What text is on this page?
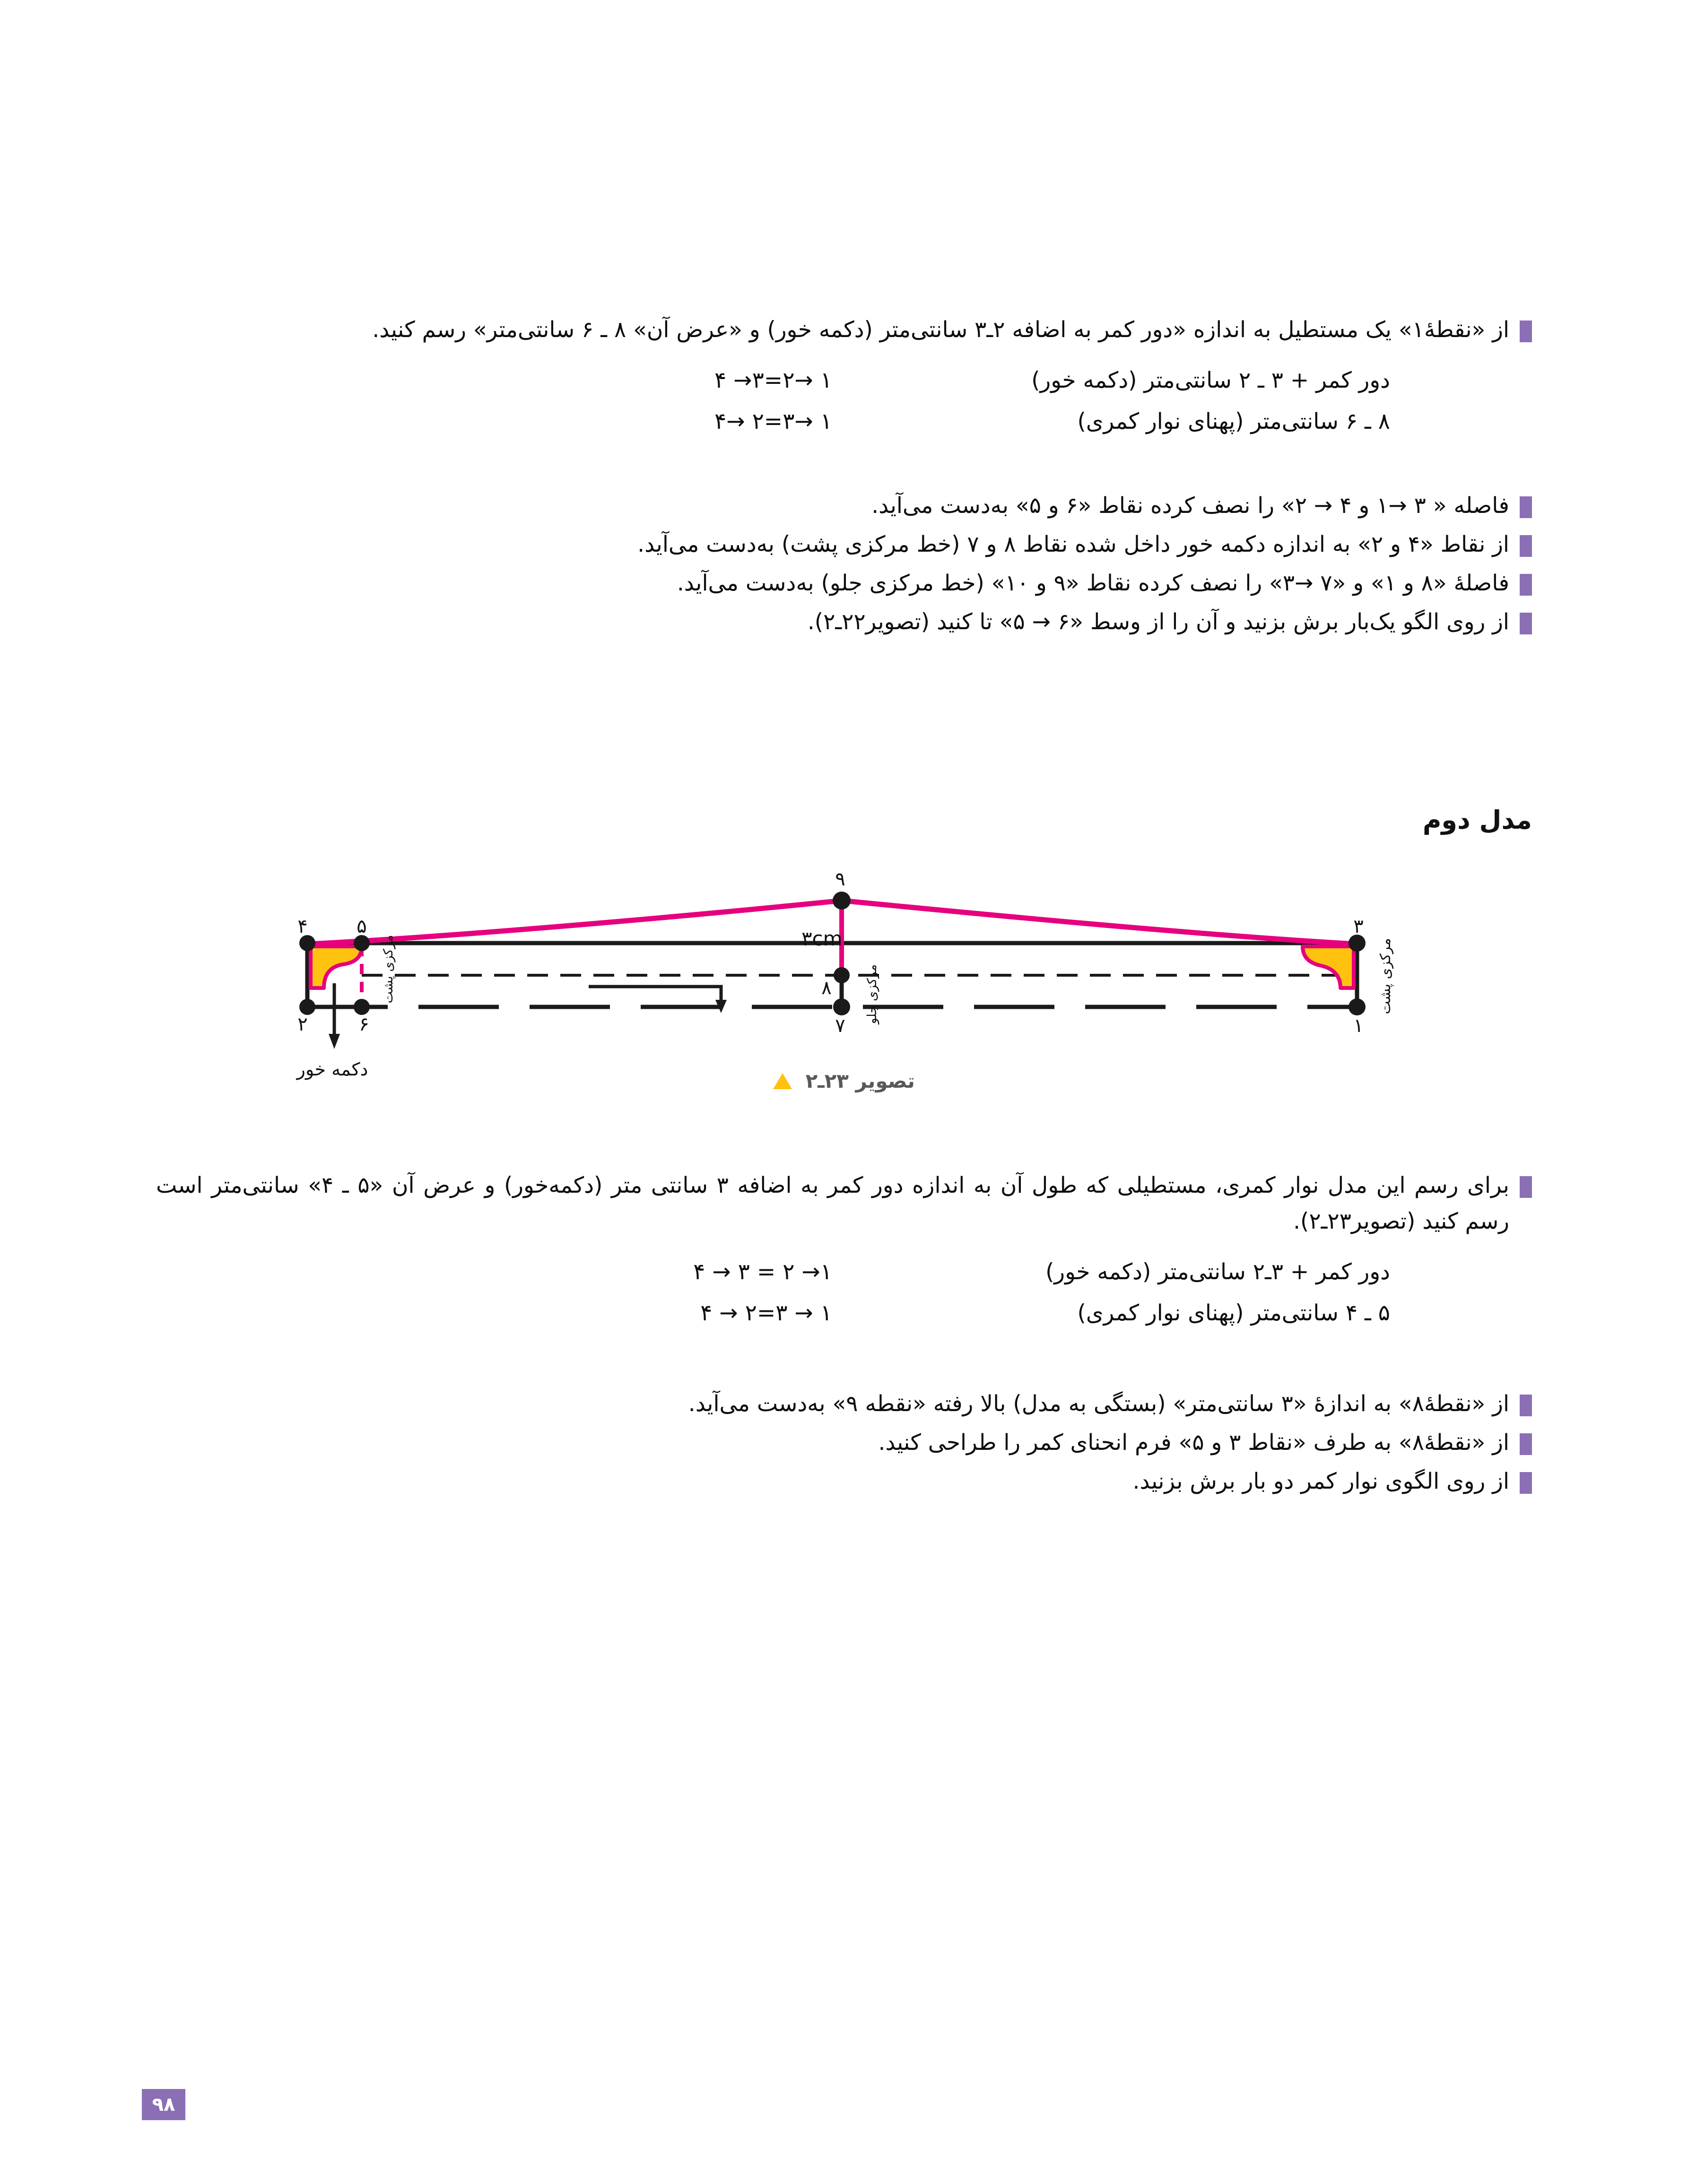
از «نقطهٔ۱» یک مستطیل به اندازه «دور کمر به اضافه ۲ـ۳ سانتی‌متر (دکمه خور) و «عرض آن» ۸ ـ ۶ سانتی‌متر» رسم کنید.
دور کمر + ۳ ـ ۲ سانتی‌متر (دکمه خور)
۱ →۲=۳→ ۴
۸ ـ ۶ سانتی‌متر (پهنای نوار کمری)
۱ →۳=۲ →۴
فاصله « ۳ →۱ و ۴ → ۲» را نصف کرده نقاط «۶ و ۵» به‌دست می‌آید.
از نقاط «۴ و ۲» به اندازه دکمه خور داخل شده نقاط ۸ و ۷ (خط مرکزی پشت) به‌دست می‌آید.
فاصلهٔ «۸ و ۱» و «۷ →۳» را نصف کرده نقاط «۹ و ۱۰» (خط مرکزی جلو) به‌دست می‌آید.
از روی الگو یک‌بار برش بزنید و آن را از وسط «۶ → ۵» تا کنید (تصویر۲۲ـ۲).
مدل دوم
۴	۵
۲	۶
۹
۸
۷
۳
۱
۳cm
مرکزی پشت	مرکزی جلو	مرکزی پشت
دکمه خور	تصویر ۲۳ـ۲
برای رسم این مدل نوار کمری، مستطیلی که طول آن به اندازه دور کمر به اضافه ۳ سانتی متر (دکمه‌خور) و عرض آن «۵ ـ ۴» سانتی‌متر است رسم کنید (تصویر۲۳ـ۲).
دور کمر + ۳ـ۲ سانتی‌متر (دکمه خور)
۱→ ۲ = ۳ → ۴
۵ ـ ۴ سانتی‌متر (پهنای نوار کمری)
۱ → ۳=۲ → ۴
از «نقطهٔ۸» به اندازهٔ «۳ سانتی‌متر» (بستگی به مدل) بالا رفته «نقطه ۹» به‌دست می‌آید.
از «نقطهٔ۸» به طرف «نقاط ۳ و ۵» فرم انحنای کمر را طراحی کنید.
از روی الگوی نوار کمر دو بار برش بزنید.
۹۸
